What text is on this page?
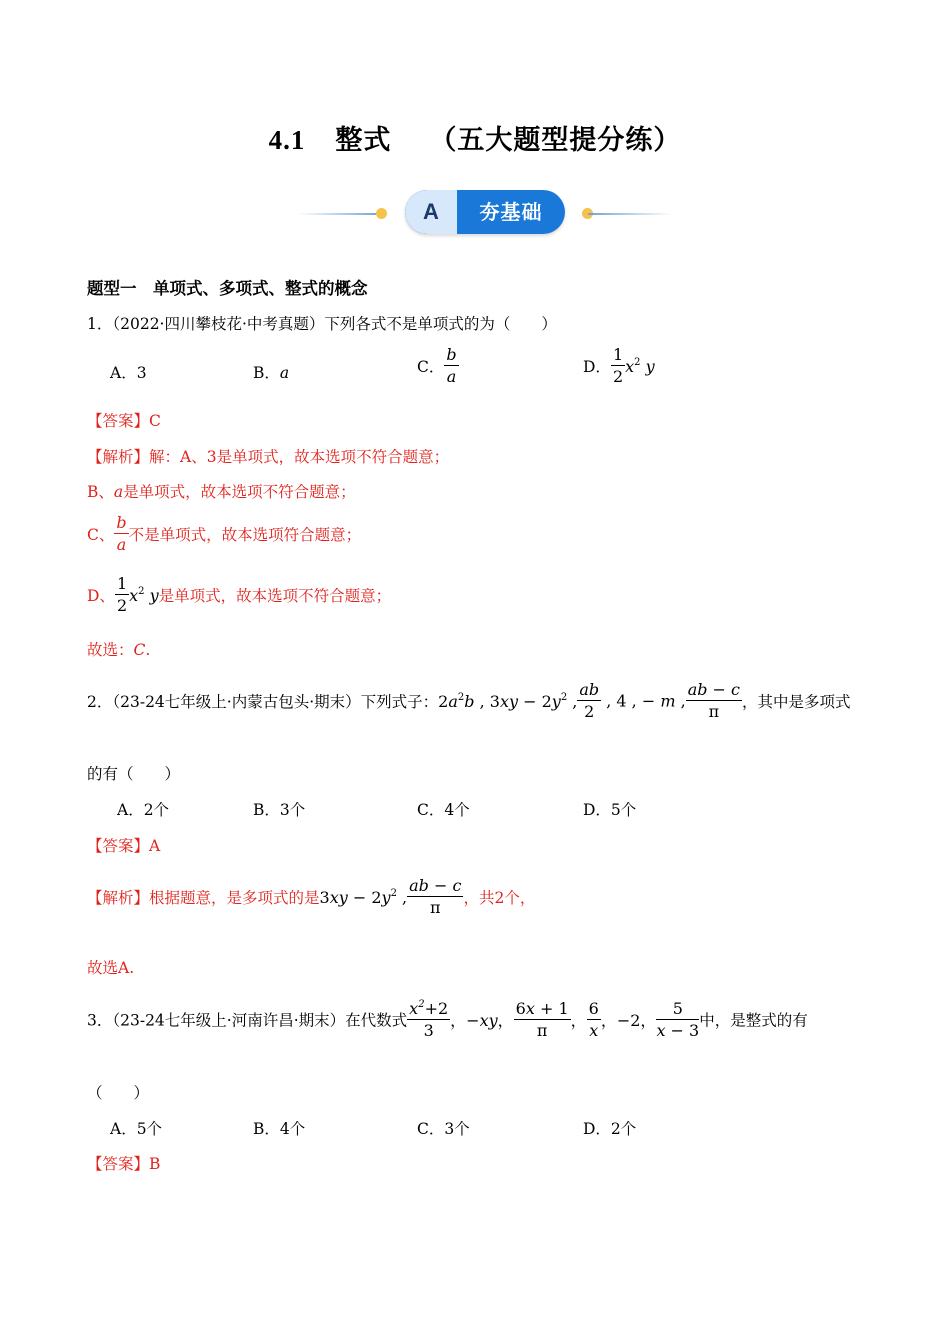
4.1 整式 （五大题型提分练）
A	夯基础
题型一　单项式、多项式、整式的概念
1．（2022·四川攀枝花·中考真题）下列各式不是单项式的为（　　）
A．3	B．a	C． $\frac{b}{a}$	D． $\frac{1}{2} x^2$ y
【答案】C
【解析】解：A、3是单项式，故本选项不符合题意；
B、a是单项式，故本选项不符合题意；
C、 $\frac{b}{a}$ 不是单项式，故本选项符合题意；
D、 $\frac{1}{2} x^2$ y是单项式，故本选项不符合题意；
故选：C.
2．（23-24七年级上·内蒙古包头·期末）下列式子：$2a^2b$ , $3xy - 2y^2$ , $\frac{ab}{2}$ , 4 , − m , $\frac{ab - c}{\pi}$ ，其中是多项式
的有（　　）
A．2个	B．3个	C．4个	D．5个
【答案】A
【解析】根据题意，是多项式的是$3xy - 2y^2$ , $\frac{ab - c}{\pi}$ ，共2个，
故选A.
3．（23-24七年级上·河南许昌·期末）在代数式 $\frac{x^2+2}{3}$ ，−xy， $\frac{6x + 1}{\pi}$ ， $\frac{6}{x}$ ，−2， $\frac{5}{x - 3}$ 中，是整式的有
（　　）
A．5个	B．4个	C．3个	D．2个
【答案】B
